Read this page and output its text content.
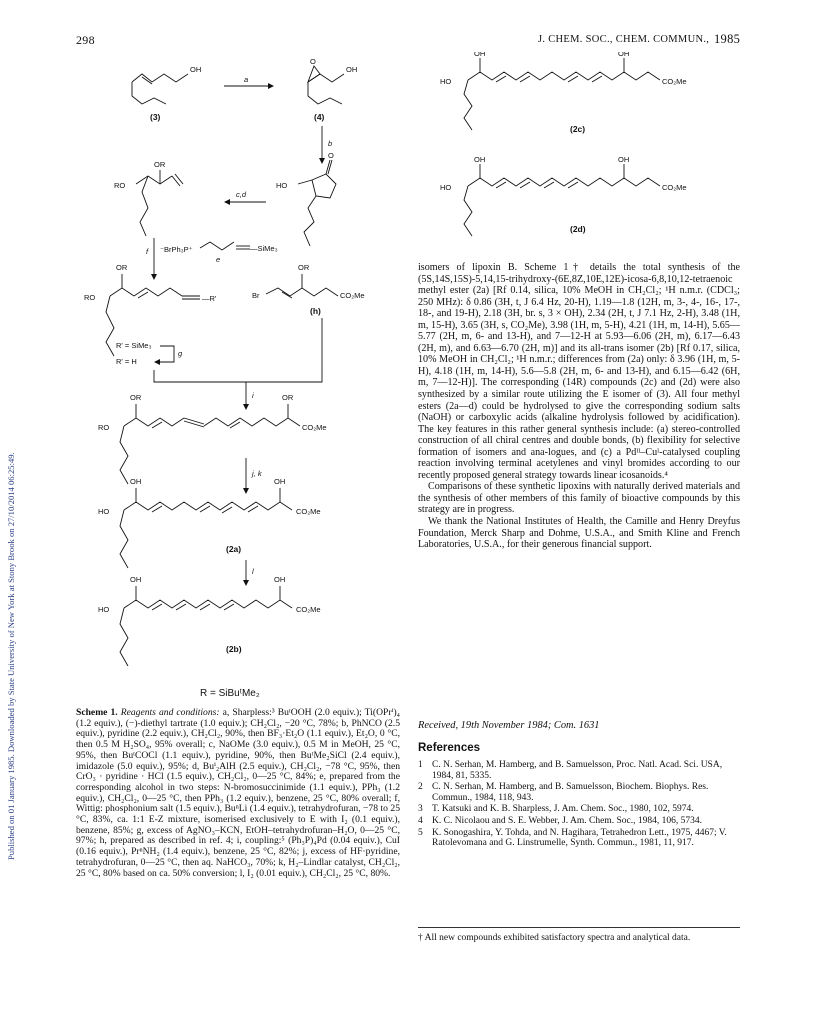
Published on 01 January 1985. Downloaded by State University of New York at Stony Brook on 27/10/2014 06:25:49.
298	J. CHEM. SOC., CHEM. COMMUN., 1985
OH
(3)
a
O
OH
(4)
b
O
HO
c,d
OR
RO
f ⁻BrPh₃P⁺	—SiMe₃
e
—R'
OR
RO	Br
OR
CO₂Me
(h)
R' = SiMe₃
R' = H
g
i
OR	OR
RO	CO₂Me
j, k
OH	OH
HO	CO₂Me
(2a)
l
OH	OH
HO	CO₂Me
(2b)
OH	OH
HO	CO₂Me
(2c)
OH	OH
HO	CO₂Me
(2d)
R = SiBuᵗMe₂
Scheme 1. Reagents and conditions: a, Sharpless:³ BuᵗOOH (2.0 equiv.); Ti(OPrⁱ)₄ (1.2 equiv.), (−)-diethyl tartrate (1.0 equiv.); CH₂Cl₂, −20 °C, 78%; b, PhNCO (2.5 equiv.), pyridine (2.2 equiv.), CH₂Cl₂, 90%, then BF₃·Et₂O (1.1 equiv.), Et₂O, 0 °C, then 0.5 M H₂SO₄, 95% overall; c, NaOMe (3.0 equiv.), 0.5 M in MeOH, 25 °C, 95%, then BuᵗCOCl (1.1 equiv.), pyridine, 90%, then BuᵗMe₂SiCl (2.4 equiv.), imidazole (5.0 equiv.), 95%; d, Buⁱ₂AlH (2.5 equiv.), CH₂Cl₂, −78 °C, 95%, then CrO₃ · pyridine · HCl (1.5 equiv.), CH₂Cl₂, 0—25 °C, 84%; e, prepared from the corresponding alcohol in two steps: N-bromosuccinimide (1.1 equiv.), PPh₃ (1.2 equiv.), CH₂Cl₂, 0—25 °C, then PPh₃ (1.2 equiv.), benzene, 25 °C, 80% overall; f, Wittig: phosphonium salt (1.5 equiv.), BuⁿLi (1.4 equiv.), tetrahydrofuran, −78 to 25 °C, 83%, ca. 1:1 E-Z mixture, isomerised exclusively to E with I₂ (0.1 equiv.), benzene, 85%; g, excess of AgNO₃–KCN, EtOH–tetrahydrofuran–H₂O, 0—25 °C, 97%; h, prepared as described in ref. 4; i, coupling:⁵ (Ph₃P)₄Pd (0.04 equiv.), CuI (0.16 equiv.), PrⁿNH₂ (1.4 equiv.), benzene, 25 °C, 82%; j, excess of HF·pyridine, tetrahydrofuran, 0—25 °C, then aq. NaHCO₃, 70%; k, H₂–Lindlar catalyst, CH₂Cl₂, 25 °C, 80% based on ca. 50% conversion; l, I₂ (0.01 equiv.), CH₂Cl₂, 25 °C, 80%.

isomers of lipoxin B. Scheme 1† details the total synthesis of the (5S,14S,15S)-5,14,15-trihydroxy-(6E,8Z,10E,12E)-icosa-6,8,10,12-tetraenoic methyl ester (2a) [Rf 0.14, silica, 10% MeOH in CH₂Cl₂; ¹H n.m.r. (CDCl₃; 250 MHz): δ 0.86 (3H, t, J 6.4 Hz, 20-H), 1.19—1.8 (12H, m, 3-, 4-, 16-, 17-, 18-, and 19-H), 2.18 (3H, br. s, 3 × OH), 2.34 (2H, t, J 7.1 Hz, 2-H), 3.48 (1H, m, 15-H), 3.65 (3H, s, CO₂Me), 3.98 (1H, m, 5-H), 4.21 (1H, m, 14-H), 5.65—5.77 (2H, m, 6- and 13-H), and 7—12-H at 5.93—6.06 (2H, m), 6.17—6.43 (2H, m), and 6.63—6.70 (2H, m)] and its all-trans isomer (2b) [Rf 0.17, silica, 10% MeOH in CH₂Cl₂; ¹H n.m.r.; differences from (2a) only: δ 3.96 (1H, m, 5-H), 4.18 (1H, m, 14-H), 5.6—5.8 (2H, m, 6- and 13-H), and 6.15—6.42 (6H, m, 7—12-H)]. The corresponding (14R) compounds (2c) and (2d) were also synthesized by a similar route utilizing the E isomer of (3). All four methyl esters (2a—d) could be hydrolysed to give the corresponding sodium salts (NaOH) or carboxylic acids (alkaline hydrolysis followed by acidification). The key features in this rather general synthesis include: (a) stereo-controlled construction of all chiral centres and double bonds, (b) flexibility for selective formation of isomers and ana-logues, and (c) a Pdᴵᴵ–Cuᴵ-catalysed coupling reaction involving terminal acetylenes and vinyl bromides according to our recently proposed general strategy towards linear icosanoids.⁴

Comparisons of these synthetic lipoxins with naturally derived materials and the synthesis of other members of this family of bioactive compounds by this strategy are in progress.

We thank the National Institutes of Health, the Camille and Henry Dreyfus Foundation, Merck Sharp and Dohme, U.S.A., and Smith Kline and French Laboratories, U.S.A., for their generous financial support.

Received, 19th November 1984; Com. 1631
References
1 C. N. Serhan, M. Hamberg, and B. Samuelsson, Proc. Natl. Acad. Sci. USA, 1984, 81, 5335.
2 C. N. Serhan, M. Hamberg, and B. Samuelsson, Biochem. Biophys. Res. Commun., 1984, 118, 943.
3 T. Katsuki and K. B. Sharpless, J. Am. Chem. Soc., 1980, 102, 5974.
4 K. C. Nicolaou and S. E. Webber, J. Am. Chem. Soc., 1984, 106, 5734.
5 K. Sonogashira, Y. Tohda, and N. Hagihara, Tetrahedron Lett., 1975, 4467; V. Ratolevomana and G. Linstrumelle, Synth. Commun., 1981, 11, 917.
† All new compounds exhibited satisfactory spectra and analytical data.
